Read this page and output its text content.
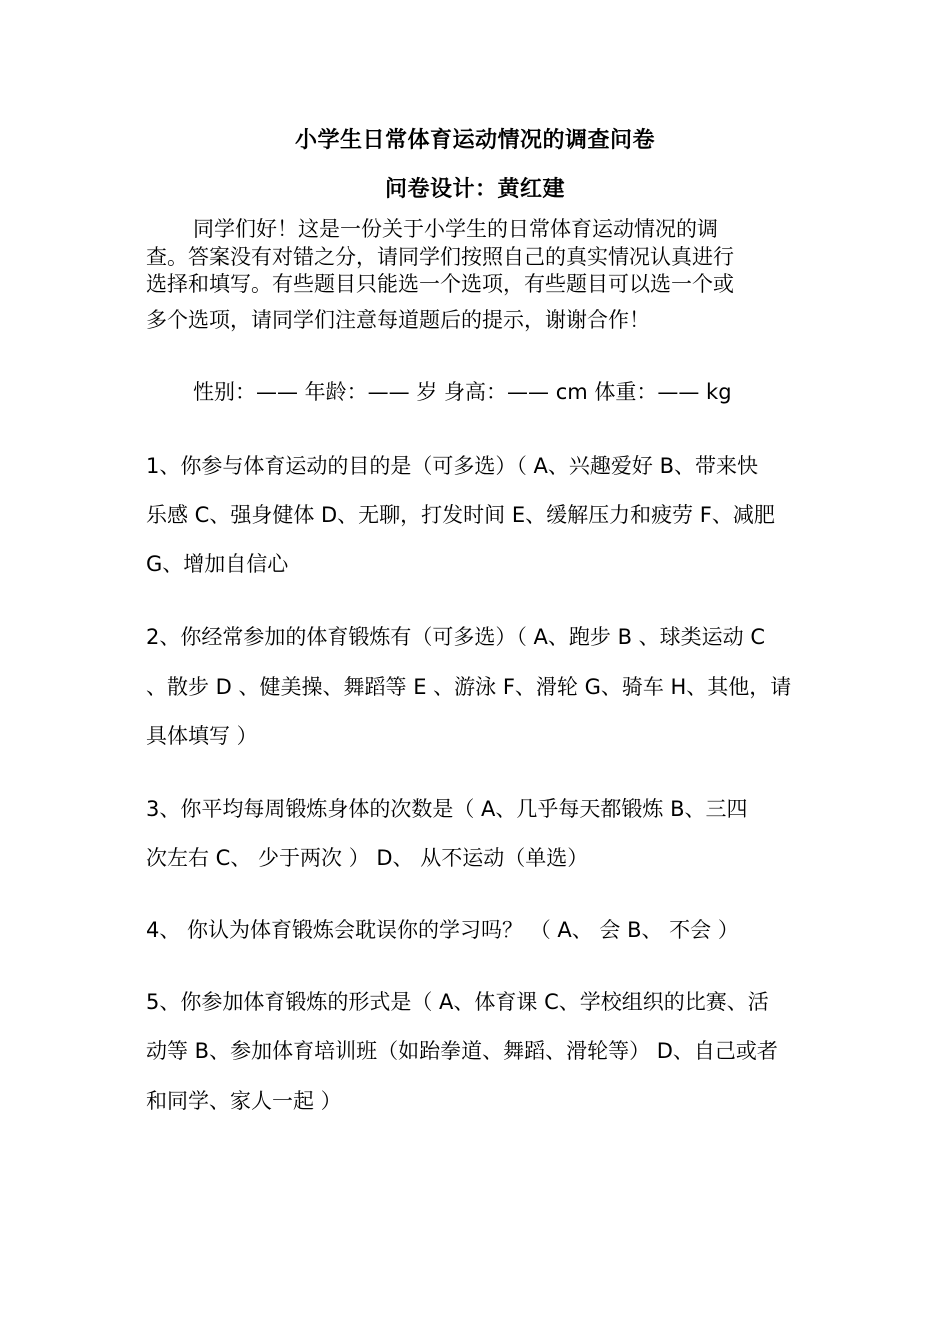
小学生日常体育运动情况的调查问卷
问卷设计：黄红建
同学们好！这是一份关于小学生的日常体育运动情况的调
查。答案没有对错之分，请同学们按照自己的真实情况认真进行
选择和填写。有些题目只能选一个选项，有些题目可以选一个或
多个选项，请同学们注意每道题后的提示，谢谢合作！
性别：—— 年龄：—— 岁 身高：—— cm 体重：—— kg
1、你参与体育运动的目的是（可多选）（ A、兴趣爱好 B、带来快
乐感 C、强身健体 D、无聊，打发时间 E、缓解压力和疲劳 F、减肥
G、增加自信心
2、你经常参加的体育锻炼有（可多选）（ A、跑步 B 、球类运动 C
、散步 D 、健美操、舞蹈等 E 、游泳 F、滑轮 G、骑车 H、其他，请
具体填写 ）
3、你平均每周锻炼身体的次数是（ A、几乎每天都锻炼 B、三四
次左右 C、 少于两次 ） D、 从不运动（单选）
4、 你认为体育锻炼会耽误你的学习吗？ （ A、 会 B、 不会 ）
5、你参加体育锻炼的形式是（ A、体育课 C、学校组织的比赛、活
动等 B、参加体育培训班（如跆拳道、舞蹈、滑轮等） D、自己或者
和同学、家人一起 ）
